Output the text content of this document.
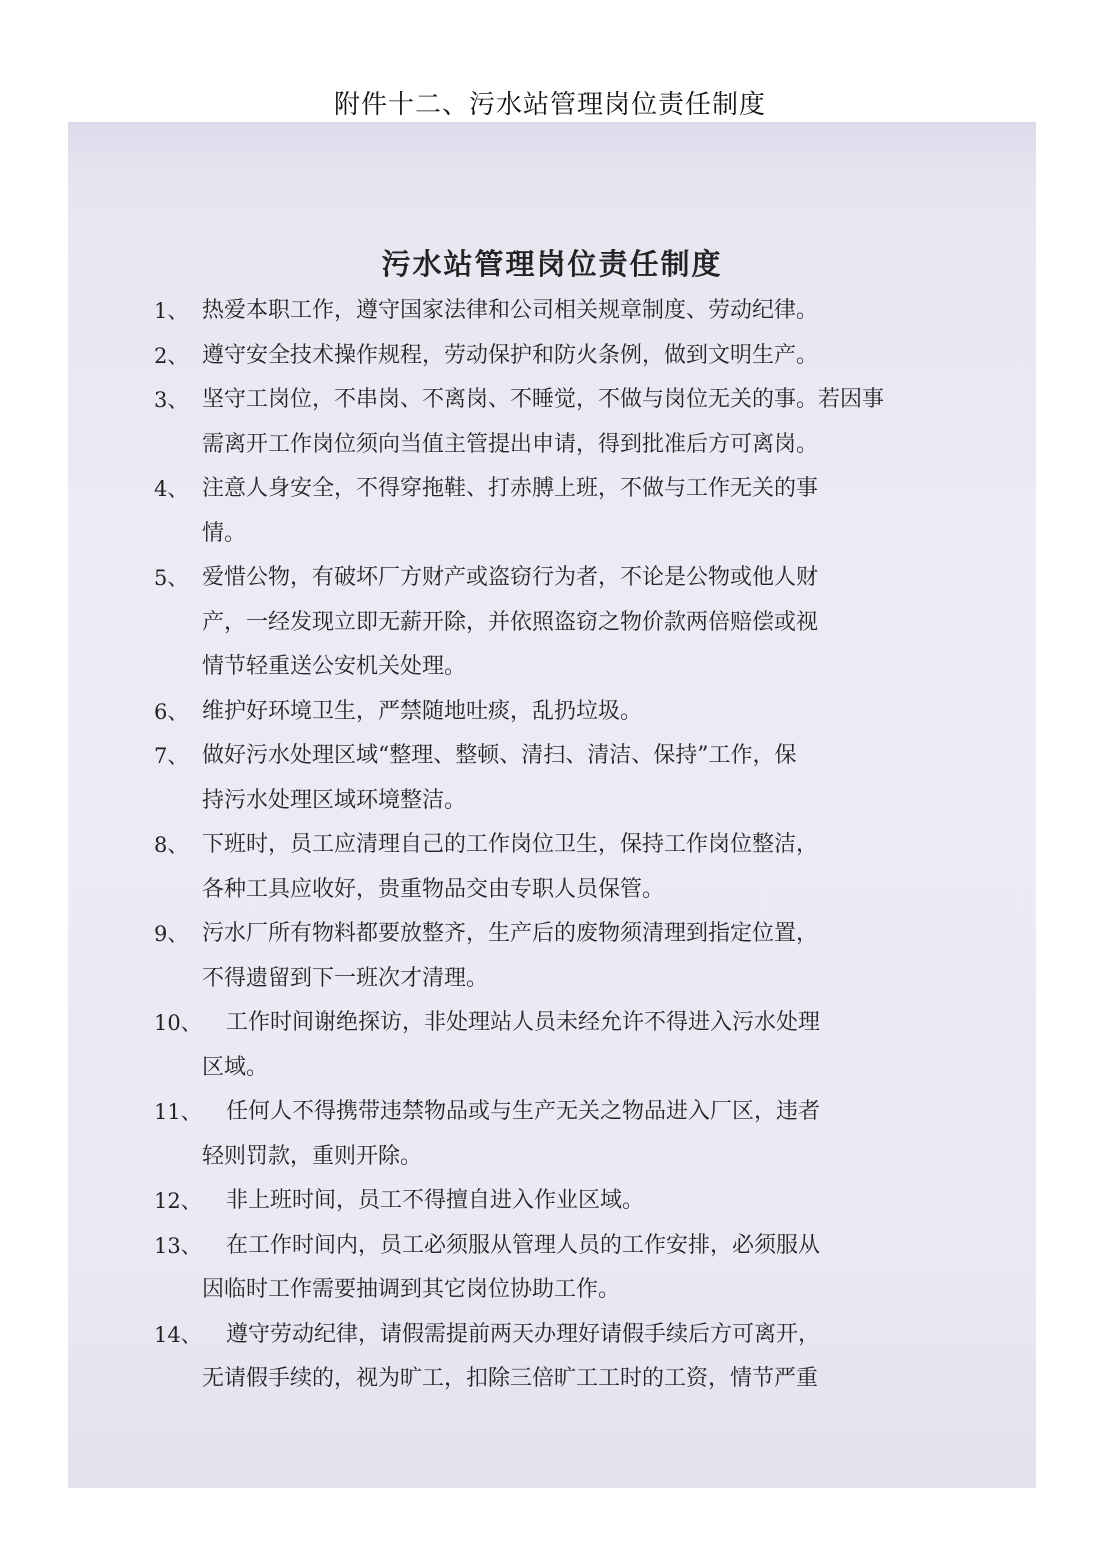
附件十二、污水站管理岗位责任制度
污水站管理岗位责任制度
1、 热爱本职工作，遵守国家法律和公司相关规章制度、劳动纪律。
2、 遵守安全技术操作规程，劳动保护和防火条例，做到文明生产。
3、 坚守工岗位，不串岗、不离岗、不睡觉，不做与岗位无关的事。若因事
需离开工作岗位须向当值主管提出申请，得到批准后方可离岗。
4、 注意人身安全，不得穿拖鞋、打赤膊上班，不做与工作无关的事
情。
5、 爱惜公物，有破坏厂方财产或盗窃行为者，不论是公物或他人财
产，一经发现立即无薪开除，并依照盗窃之物价款两倍赔偿或视
情节轻重送公安机关处理。
6、 维护好环境卫生，严禁随地吐痰，乱扔垃圾。
7、 做好污水处理区域“整理、整顿、清扫、清洁、保持”工作，保
持污水处理区域环境整洁。
8、 下班时，员工应清理自己的工作岗位卫生，保持工作岗位整洁，
各种工具应收好，贵重物品交由专职人员保管。
9、 污水厂所有物料都要放整齐，生产后的废物须清理到指定位置，
不得遗留到下一班次才清理。
10、 工作时间谢绝探访，非处理站人员未经允许不得进入污水处理
区域。
11、 任何人不得携带违禁物品或与生产无关之物品进入厂区，违者
轻则罚款，重则开除。
12、 非上班时间，员工不得擅自进入作业区域。
13、 在工作时间内，员工必须服从管理人员的工作安排，必须服从
因临时工作需要抽调到其它岗位协助工作。
14、 遵守劳动纪律，请假需提前两天办理好请假手续后方可离开，
无请假手续的，视为旷工，扣除三倍旷工工时的工资，情节严重
